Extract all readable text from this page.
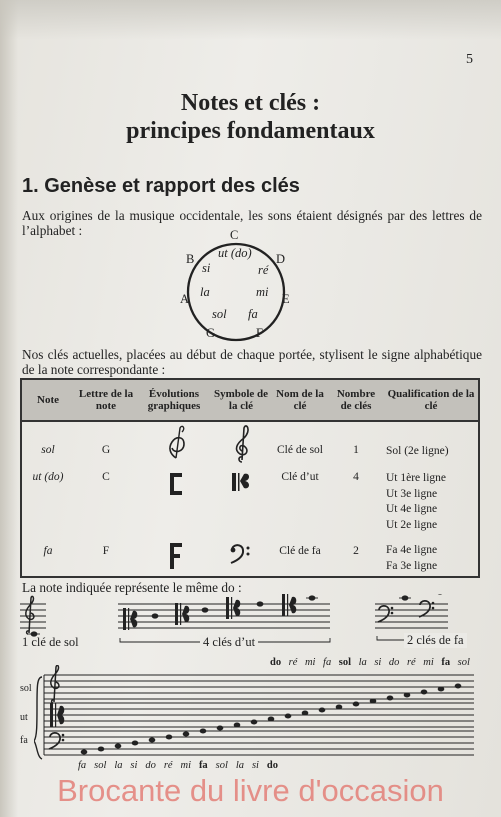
5
Notes et clés :
principes fondamentaux
1. Genèse et rapport des clés
Aux origines de la musique occidentale, les sons étaient désignés par des lettres de l’alphabet :	C
D
E
F
G
A
B ut (do)
ré
mi
fa
sol
la
si
Nos clés actuelles, placées au début de chaque portée, stylisent le signe alphabétique de la note correspondante :
Note	Lettre de la note	Évolutions graphiques	Symbole de la clé	Nom de la clé	Nombre de clés	Qualification de la clé
sol	G			Clé de sol	1	Sol (2e ligne)

ut (do)	C			Clé d’ut	4	Ut 1ère ligne
Ut 3e ligne
Ut 4e ligne
Ut 2e ligne

fa	F			Clé de fa	2	Fa 4e ligne
Fa 3e ligne
La note indiquée représente le même do :
1 clé de sol	4 clés d’ut	2 clés de fa
do ré mi fa sol la si do ré mi fa sol
sol
ut
fa
fa sol la si do ré mi fa sol la si do
Brocante du livre d'occasion
